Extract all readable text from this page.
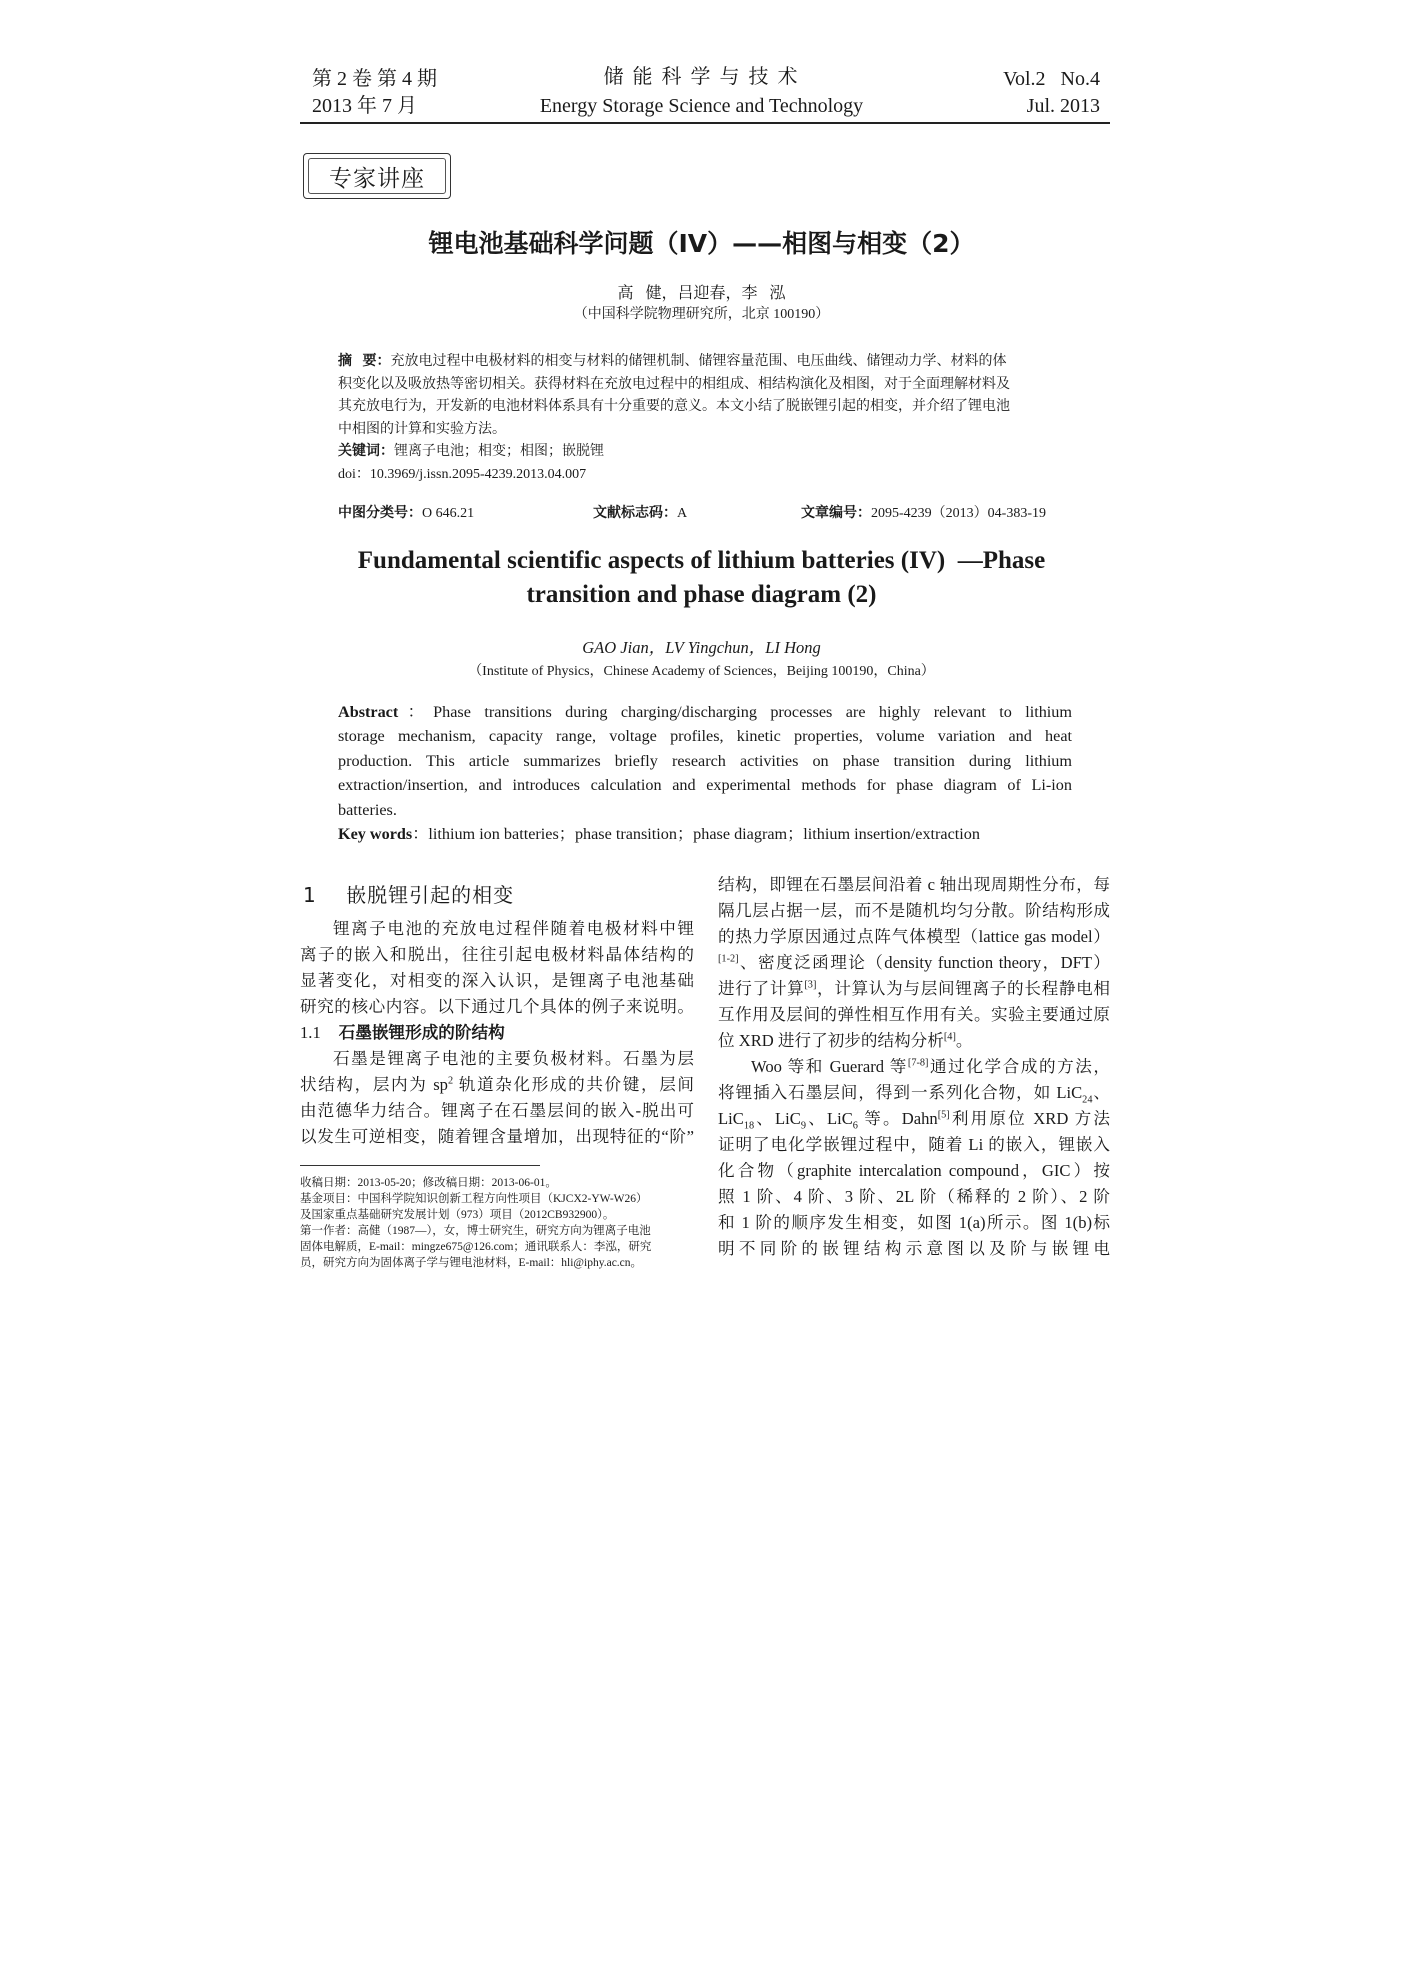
第 2 卷 第 4 期
2013 年 7 月
储 能 科 学 与 技 术
Energy Storage Science and Technology
Vol.2   No.4
Jul. 2013
专家讲座
锂电池基础科学问题（IV）——相图与相变（2）
高   健，吕迎春，李   泓
（中国科学院物理研究所，北京 100190）
摘   要：充放电过程中电极材料的相变与材料的储锂机制、储锂容量范围、电压曲线、储锂动力学、材料的体
积变化以及吸放热等密切相关。获得材料在充放电过程中的相组成、相结构演化及相图，对于全面理解材料及
其充放电行为，开发新的电池材料体系具有十分重要的意义。本文小结了脱嵌锂引起的相变，并介绍了锂电池
中相图的计算和实验方法。
关键词：锂离子电池；相变；相图；嵌脱锂
doi：10.3969/j.issn.2095-4239.2013.04.007
中图分类号：O 646.21	文献标志码：A	文章编号：2095-4239（2013）04-383-19
Fundamental scientific aspects of lithium batteries (IV)  —Phase
transition and phase diagram (2)
GAO Jian，LV Yingchun，LI Hong
（Institute of Physics，Chinese Academy of Sciences，Beijing 100190，China）
Abstract：Phase transitions during charging/discharging processes are highly relevant to lithium
storage mechanism, capacity range, voltage profiles, kinetic properties, volume variation and heat
production. This article summarizes briefly research activities on phase transition during lithium
extraction/insertion, and introduces calculation and experimental methods for phase diagram of Li-ion
batteries.
Key words：lithium ion batteries；phase transition；phase diagram；lithium insertion/extraction
1    嵌脱锂引起的相变
锂离子电池的充放电过程伴随着电极材料中锂
离子的嵌入和脱出，往往引起电极材料晶体结构的
显著变化，对相变的深入认识，是锂离子电池基础
研究的核心内容。以下通过几个具体的例子来说明。
1.1 石墨嵌锂形成的阶结构
石墨是锂离子电池的主要负极材料。石墨为层
状结构，层内为 $sp^2$ 轨道杂化形成的共价键，层间
由范德华力结合。锂离子在石墨层间的嵌入-脱出可
以发生可逆相变，随着锂含量增加，出现特征的“阶”
收稿日期：2013-05-20；修改稿日期：2013-06-01。
基金项目：中国科学院知识创新工程方向性项目（KJCX2-YW-W26）
及国家重点基础研究发展计划（973）项目（2012CB932900）。
第一作者：高健（1987—），女，博士研究生，研究方向为锂离子电池
固体电解质，E-mail：mingze675@126.com；通讯联系人：李泓，研究
员，研究方向为固体离子学与锂电池材料，E-mail：hli@iphy.ac.cn。
结构，即锂在石墨层间沿着 c 轴出现周期性分布，每
隔几层占据一层，而不是随机均匀分散。阶结构形成
的热力学原因通过点阵气体模型（lattice gas model）
[1-2]、密度泛函理论（density function theory，DFT）
进行了计算[3]，计算认为与层间锂离子的长程静电相
互作用及层间的弹性相互作用有关。实验主要通过原
位 XRD 进行了初步的结构分析[4]。
Woo 等和 Guerard 等[7-8]通过化学合成的方法，
将锂插入石墨层间，得到一系列化合物，如 LiC$_{24}$、
LiC$_{18}$、LiC$_9$、LiC$_6$ 等。Dahn[5]利用原位 XRD 方法
证明了电化学嵌锂过程中，随着 Li 的嵌入，锂嵌入
化合物（graphite intercalation compound，GIC）按
照 1 阶、4 阶、3 阶、2L 阶（稀释的 2 阶）、2 阶
和 1 阶的顺序发生相变，如图 1(a)所示。图 1(b)标
明不同阶的嵌锂结构示意图以及阶与嵌锂电
